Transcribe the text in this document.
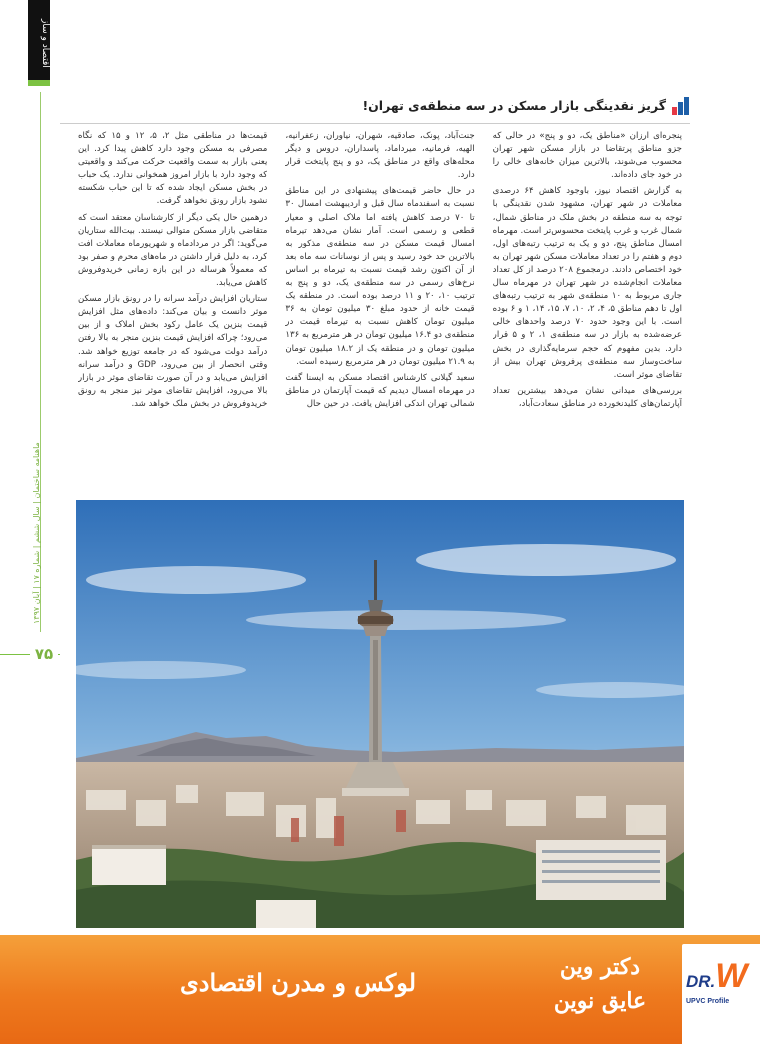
اقتصاد و ساز
ماهنامه ساختمان | سال ششم | شماره ۱۷ | آبان ۱۳۹۷
۷۵
گریز نقدینگی بازار مسکن در سه منطقه‌ی تهران!

پنجره‌ای ارزان «مناطق یک، دو و پنج» در حالی که جزو مناطق پرتقاضا در بازار مسکن شهر تهران محسوب می‌شوند، بالاترین میزان خانه‌های خالی را در خود جای داده‌اند.

به گزارش اقتصاد نیوز، باوجود کاهش ۶۴ درصدی معاملات در شهر تهران، مشهود شدن نقدینگی با توجه به سه منطقه در بخش ملک در مناطق شمال، شمال غرب و غرب پایتخت محسوس‌تر است. مهرماه امسال مناطق پنج، دو و یک به ترتیب رتبه‌های اول، دوم و هفتم را در تعداد معاملات مسکن شهر تهران به خود اختصاص دادند. درمجموع ۲۰۸ درصد از کل تعداد معاملات انجام‌شده در شهر تهران در مهرماه سال جاری مربوط به ۱۰ منطقه‌ی شهر به ترتیب رتبه‌های اول تا دهم مناطق ۵، ۴، ۲، ۱۰، ۷، ۱۵، ۱۴، ۱ و ۶ بوده است. با این وجود حدود ۷۰ درصد واحدهای خالی عرضه‌شده به بازار در سه منطقه‌ی ۱، ۲ و ۵ قرار دارد. بدین مفهوم که حجم سرمایه‌گذاری در بخش ساخت‌وساز سه منطقه‌ی پرفروش تهران بیش از تقاضای موثر است.

بررسی‌های میدانی نشان می‌دهد بیشترین تعداد آپارتمان‌های کلیدنخورده در مناطق سعادت‌آباد،

جنت‌آباد، پونک، صادقیه، شهران، نیاوران، زعفرانیه، الهیه، فرمانیه، میرداماد، پاسداران، دروس و دیگر محله‌های واقع در مناطق یک، دو و پنج پایتخت قرار دارد.

در حال حاضر قیمت‌های پیشنهادی در این مناطق نسبت به اسفندماه سال قبل و اردیبهشت امسال ۳۰ تا ۷۰ درصد کاهش یافته اما ملاک اصلی و معیار قطعی و رسمی است. آمار نشان می‌دهد تیرماه امسال قیمت مسکن در سه منطقه‌ی مذکور به بالاترین حد خود رسید و پس از نوسانات سه ماه بعد از آن اکنون رشد قیمت نسبت به تیرماه بر اساس نرخ‌های رسمی در سه منطقه‌ی یک، دو و پنج به ترتیب ۱۰، ۲۰ و ۱۱ درصد بوده است. در منطقه یک قیمت خانه از حدود مبلغ ۳۰ میلیون تومان به ۳۶ میلیون تومان کاهش نسبت به تیرماه قیمت در منطقه‌ی دو ۱۶.۴ میلیون تومان در هر مترمربع به ۱۳۶ میلیون تومان و در منطقه یک از ۱۸.۲ میلیون تومان به ۲۱.۹ میلیون تومان در هر مترمربع رسیده است.

سعید گیلانی کارشناس اقتصاد مسکن به ایسنا گفت در مهرماه امسال دیدیم که قیمت آپارتمان در مناطق شمالی تهران اندکی افزایش یافت. در حین حال

قیمت‌ها در مناطقی مثل ۲، ۵، ۱۲ و ۱۵ که نگاه مصرفی به مسکن وجود دارد کاهش پیدا کرد. این یعنی بازار به سمت واقعیت حرکت می‌کند و واقعیتی که وجود دارد با بازار امروز همخوانی ندارد. یک حباب در بخش مسکن ایجاد شده که تا این حباب شکسته نشود بازار رونق نخواهد گرفت.

درهمین حال یکی دیگر از کارشناسان معتقد است که متقاضی بازار مسکن متوالی نیستند. بیت‌الله ستاریان می‌گوید: اگر در مردادماه و شهریورماه معاملات افت کرد، به دلیل قرار داشتن در ماه‌های محرم و صفر بود که معمولاً هرساله در این بازه زمانی خریدوفروش کاهش می‌یابد.

ستاریان افزایش درآمد سرانه را در رونق بازار مسکن موثر دانست و بیان می‌کند: داده‌های مثل افزایش قیمت بنزین یک عامل رکود بخش املاک و از بین می‌رود؛ چراکه افزایش قیمت بنزین منجر به بالا رفتن درآمد دولت می‌شود که در جامعه توزیع خواهد شد. وقتی انحصار از بین می‌رود، GDP و درآمد سرانه افزایش می‌یابد و در آن صورت تقاضای موثر در بازار بالا می‌رود، افزایش تقاضای موثر نیز منجر به رونق خریدوفروش در بخش ملک خواهد شد.

لوکس و مدرن اقتصادی
دکتر وین
عایق نوین
DR.W
UPVC Profile
